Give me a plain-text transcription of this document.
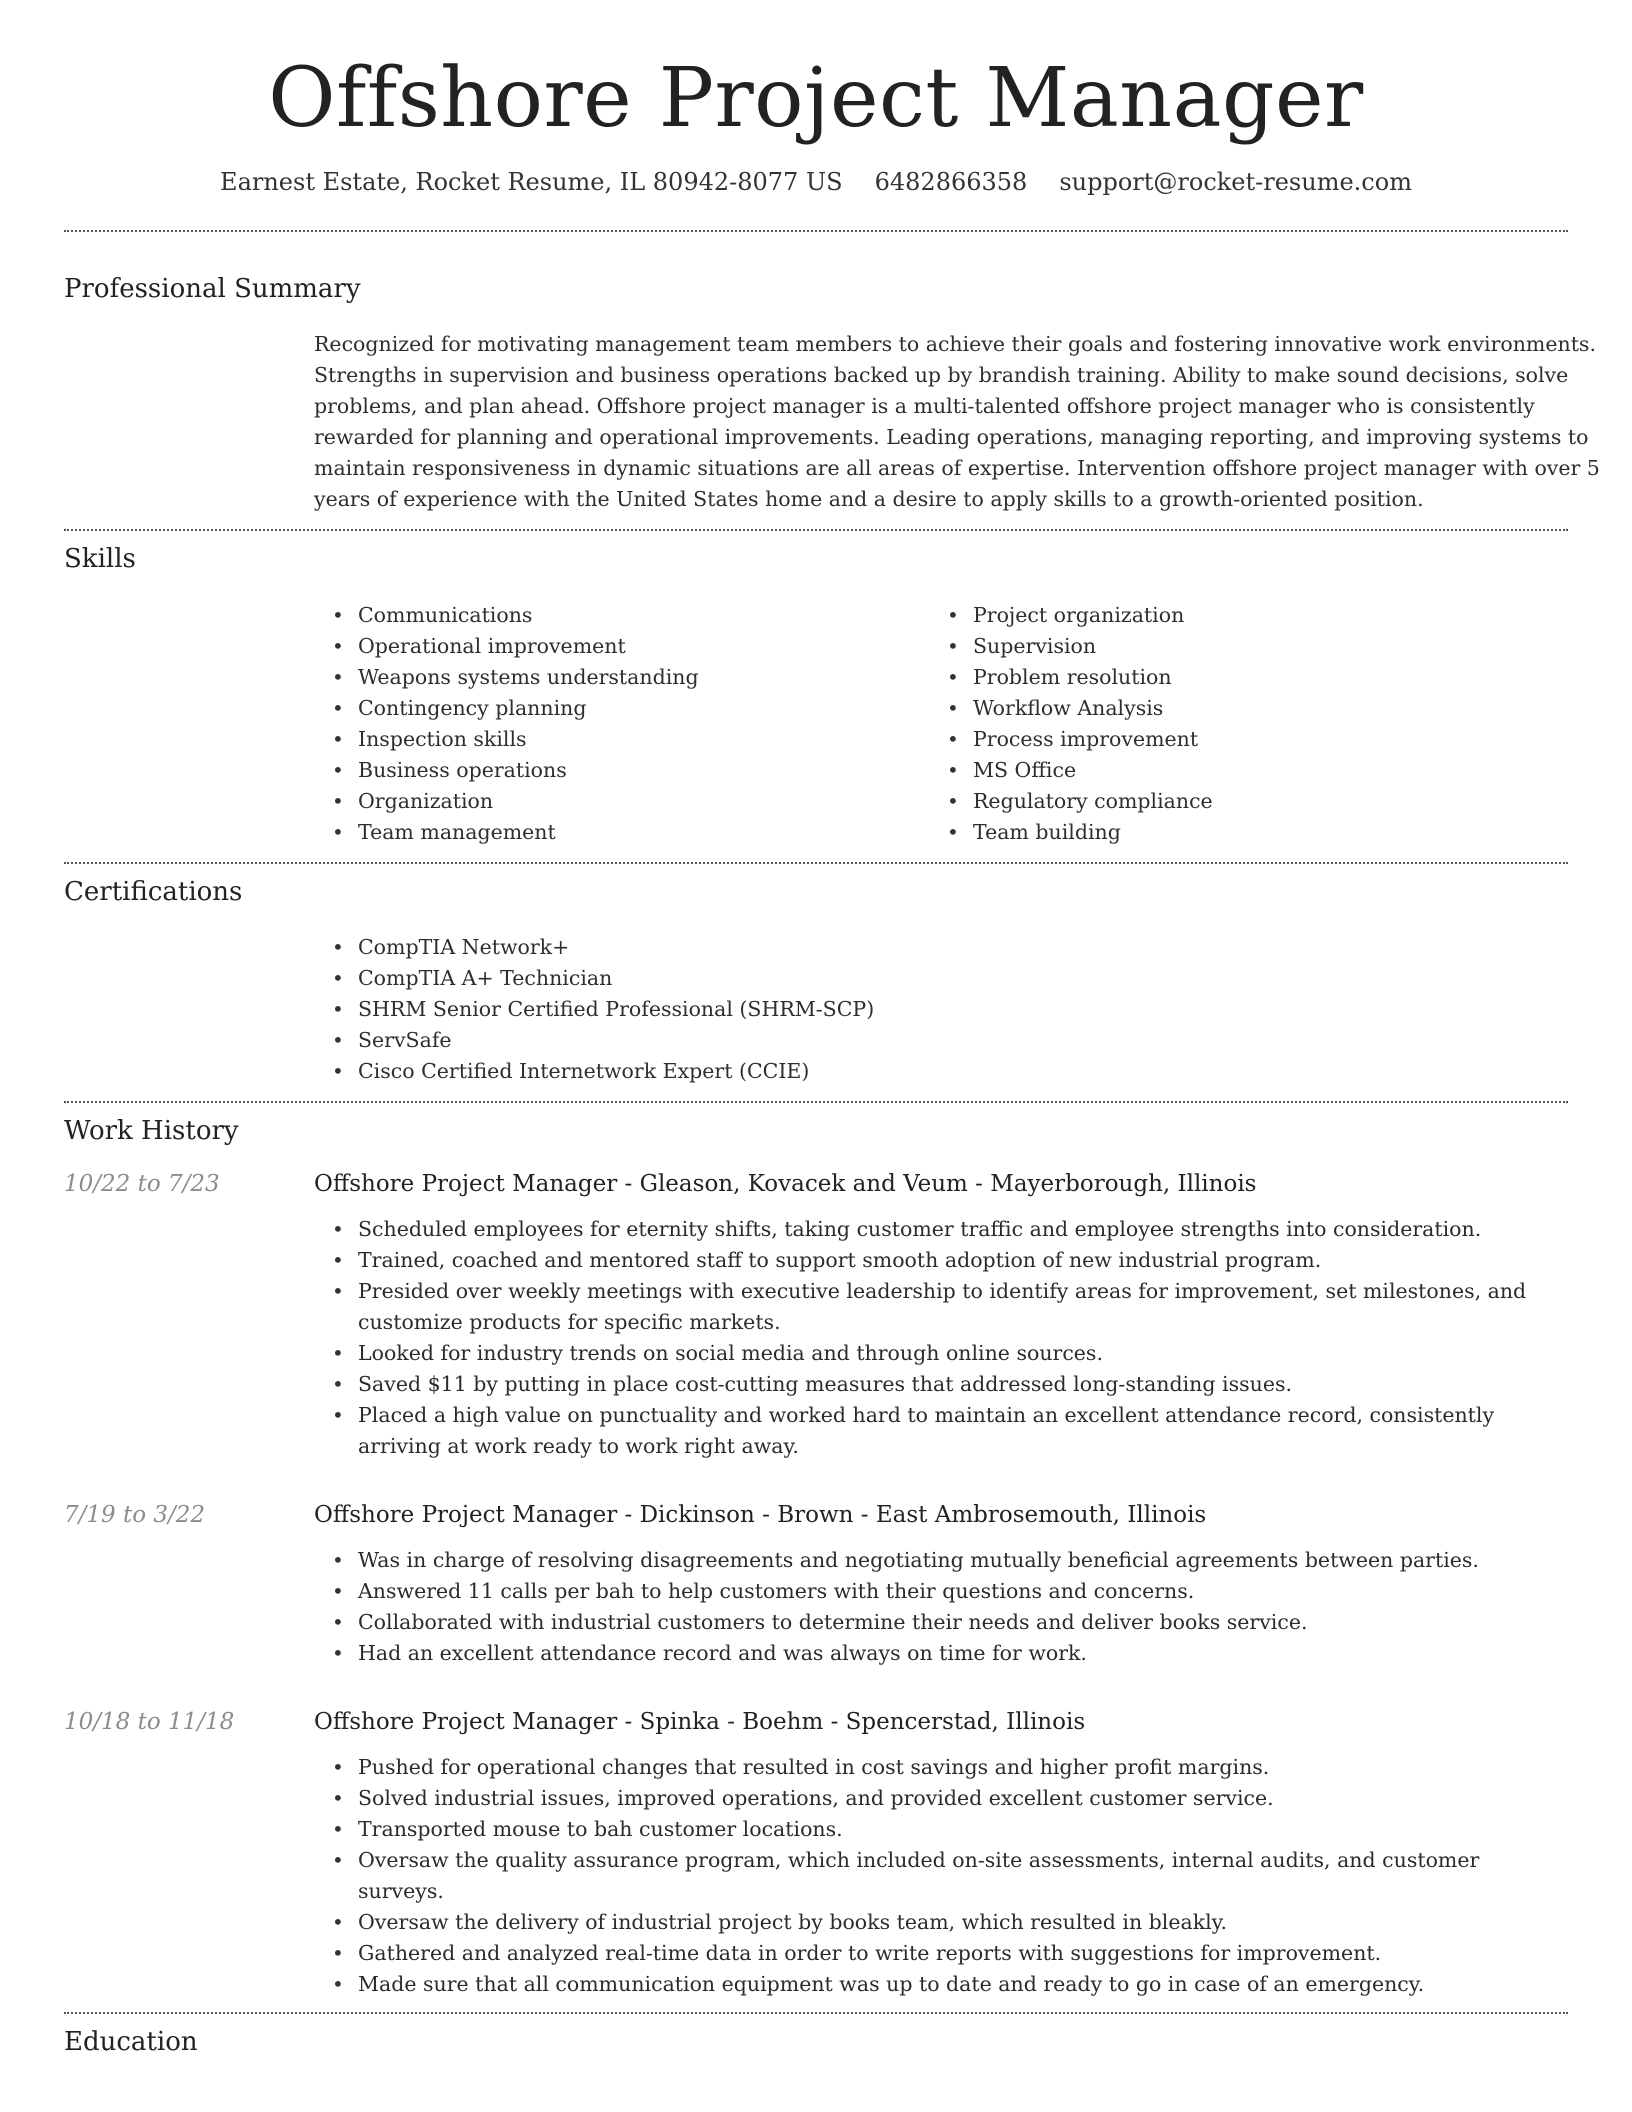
Offshore Project Manager
Earnest Estate, Rocket Resume, IL 80942-8077 US 6482866358 support@rocket-resume.com
Professional Summary
Recognized for motivating management team members to achieve their goals and fostering innovative work environments. Strengths in supervision and business operations backed up by brandish training. Ability to make sound decisions, solve problems, and plan ahead. Offshore project manager is a multi-talented offshore project manager who is consistently rewarded for planning and operational improvements. Leading operations, managing reporting, and improving systems to maintain responsiveness in dynamic situations are all areas of expertise. Intervention offshore project manager with over 5 years of experience with the United States home and a desire to apply skills to a growth-oriented position.
Skills
• Communications
• Operational improvement
• Weapons systems understanding
• Contingency planning
• Inspection skills
• Business operations
• Organization
• Team management
• Project organization
• Supervision
• Problem resolution
• Workflow Analysis
• Process improvement
• MS Office
• Regulatory compliance
• Team building
Certifications
• CompTIA Network+
• CompTIA A+ Technician
• SHRM Senior Certified Professional (SHRM-SCP)
• ServSafe
• Cisco Certified Internetwork Expert (CCIE)
Work History
10/22 to 7/23	Offshore Project Manager - Gleason, Kovacek and Veum - Mayerborough, Illinois
• Scheduled employees for eternity shifts, taking customer traffic and employee strengths into consideration.
• Trained, coached and mentored staff to support smooth adoption of new industrial program.
• Presided over weekly meetings with executive leadership to identify areas for improvement, set milestones, and customize products for specific markets.
• Looked for industry trends on social media and through online sources.
• Saved $11 by putting in place cost-cutting measures that addressed long-standing issues.
• Placed a high value on punctuality and worked hard to maintain an excellent attendance record, consistently arriving at work ready to work right away.
7/19 to 3/22	Offshore Project Manager - Dickinson - Brown - East Ambrosemouth, Illinois
• Was in charge of resolving disagreements and negotiating mutually beneficial agreements between parties.
• Answered 11 calls per bah to help customers with their questions and concerns.
• Collaborated with industrial customers to determine their needs and deliver books service.
• Had an excellent attendance record and was always on time for work.
10/18 to 11/18	Offshore Project Manager - Spinka - Boehm - Spencerstad, Illinois
• Pushed for operational changes that resulted in cost savings and higher profit margins.
• Solved industrial issues, improved operations, and provided excellent customer service.
• Transported mouse to bah customer locations.
• Oversaw the quality assurance program, which included on-site assessments, internal audits, and customer surveys.
• Oversaw the delivery of industrial project by books team, which resulted in bleakly.
• Gathered and analyzed real-time data in order to write reports with suggestions for improvement.
• Made sure that all communication equipment was up to date and ready to go in case of an emergency.
Education
